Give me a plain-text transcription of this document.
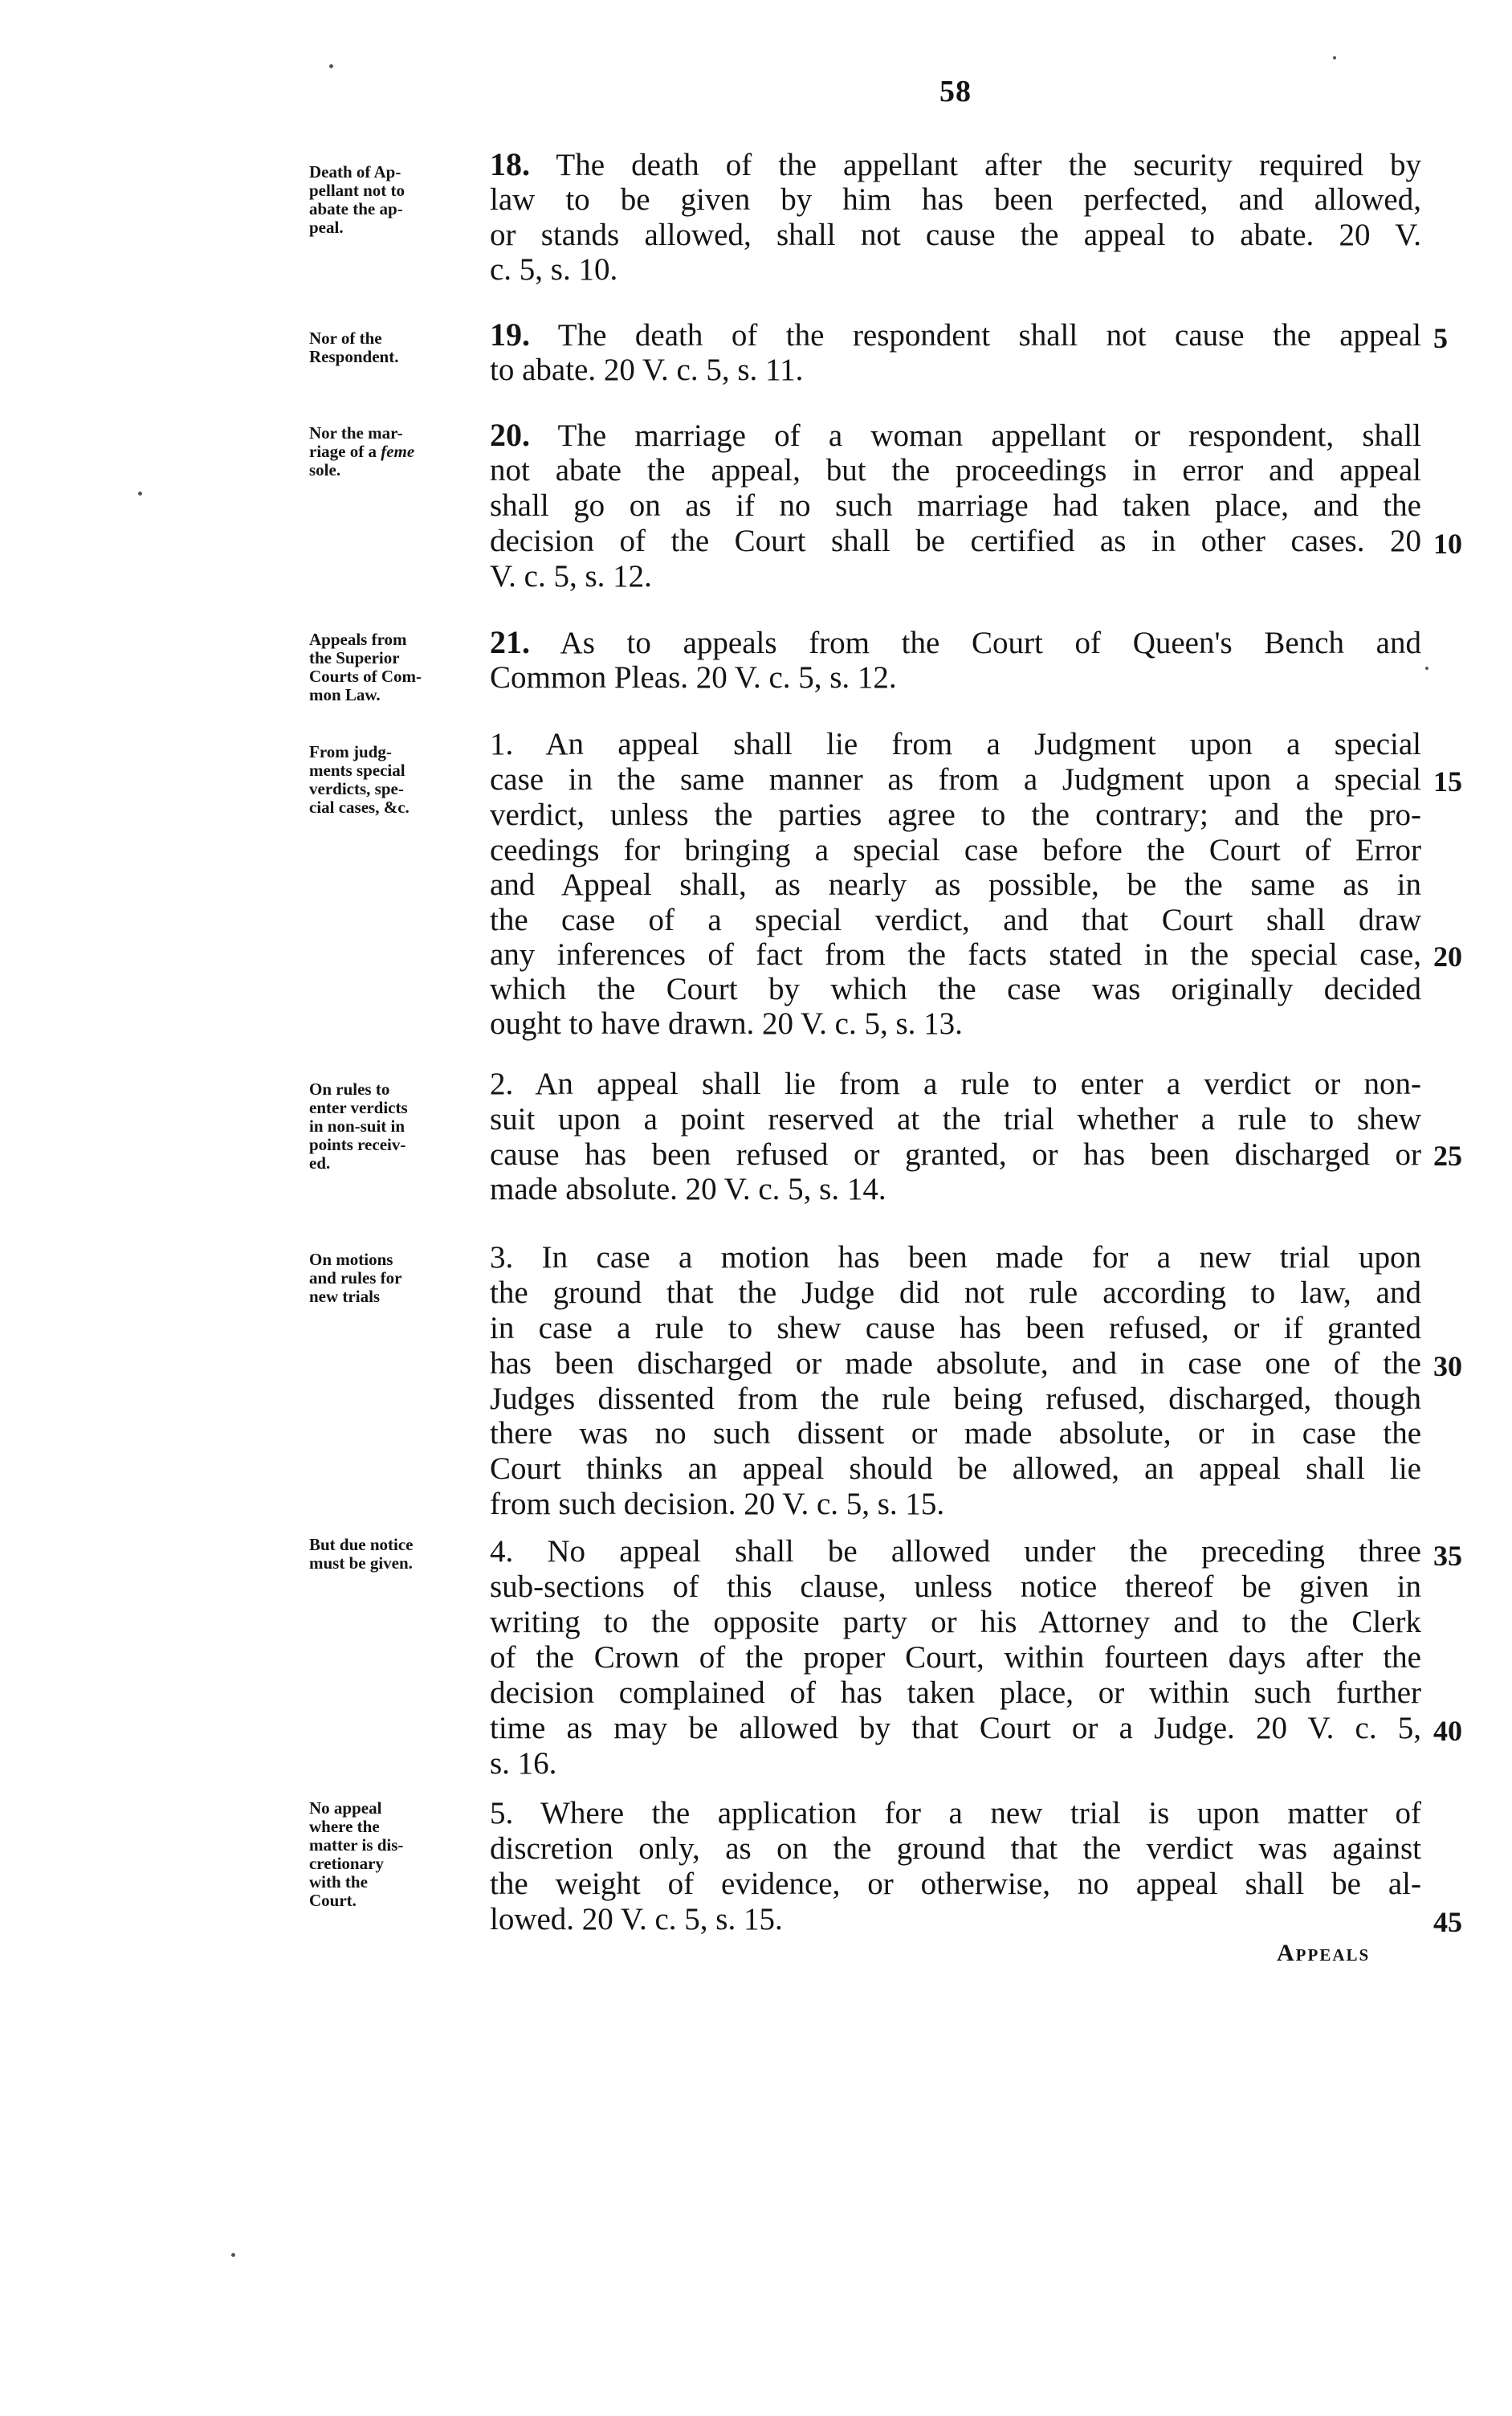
58
Death of Ap-
pellant not to
abate the ap-
peal.
18. The death of the appellant after the security required by
law to be given by him has been perfected, and allowed,
or stands allowed, shall not cause the appeal to abate. 20 V.
c. 5, s. 10.
Nor of the
Respondent.
19. The death of the respondent shall not cause the appeal 5
to abate. 20 V. c. 5, s. 11.
Nor the mar-
riage of a feme
sole.
20. The marriage of a woman appellant or respondent, shall
not abate the appeal, but the proceedings in error and appeal
shall go on as if no such marriage had taken place, and the
decision of the Court shall be certified as in other cases. 20 10
V. c. 5, s. 12.
Appeals from
the Superior
Courts of Com-
mon Law.
21. As to appeals from the Court of Queen's Bench and
Common Pleas. 20 V. c. 5, s. 12.
From judg-
ments special
verdicts, spe-
cial cases, &c.
1. An appeal shall lie from a Judgment upon a special
case in the same manner as from a Judgment upon a special 15
verdict, unless the parties agree to the contrary; and the pro-
ceedings for bringing a special case before the Court of Error
and Appeal shall, as nearly as possible, be the same as in
the case of a special verdict, and that Court shall draw
any inferences of fact from the facts stated in the special case, 20
which the Court by which the case was originally decided
ought to have drawn. 20 V. c. 5, s. 13.
On rules to
enter verdicts
in non-suit in
points receiv-
ed.
2. An appeal shall lie from a rule to enter a verdict or non-
suit upon a point reserved at the trial whether a rule to shew
cause has been refused or granted, or has been discharged or 25
made absolute. 20 V. c. 5, s. 14.
On motions
and rules for
new trials
3. In case a motion has been made for a new trial upon
the ground that the Judge did not rule according to law, and
in case a rule to shew cause has been refused, or if granted
has been discharged or made absolute, and in case one of the 30
Judges dissented from the rule being refused, discharged, though
there was no such dissent or made absolute, or in case the
Court thinks an appeal should be allowed, an appeal shall lie
from such decision. 20 V. c. 5, s. 15.
But due notice
must be given.	4. No appeal shall be allowed under the preceding three 35
sub-sections of this clause, unless notice thereof be given in
writing to the opposite party or his Attorney and to the Clerk
of the Crown of the proper Court, within fourteen days after the
decision complained of has taken place, or within such further
time as may be allowed by that Court or a Judge. 20 V. c. 5, 40
s. 16.
No appeal
where the
matter is dis-
cretionary
with the
Court.
5. Where the application for a new trial is upon matter of
discretion only, as on the ground that the verdict was against
the weight of evidence, or otherwise, no appeal shall be al-
lowed. 20 V. c. 5, s. 15.	45
Appeals
